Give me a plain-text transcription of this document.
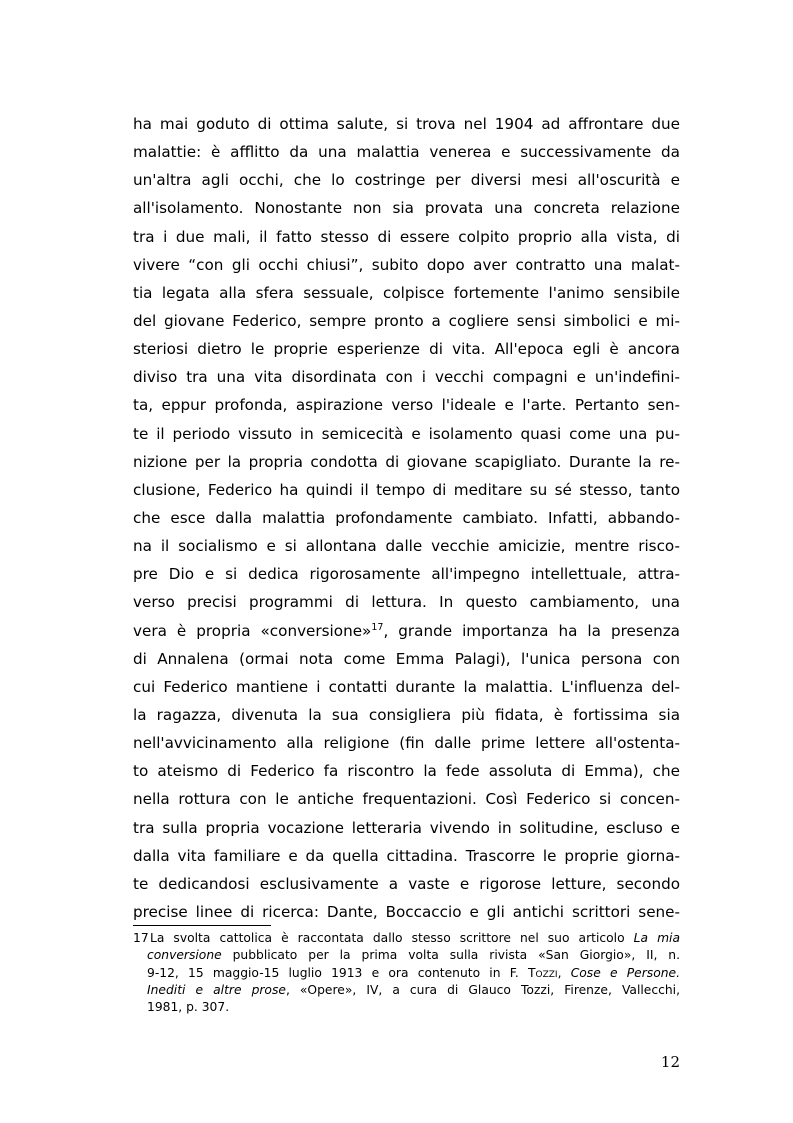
ha mai goduto di ottima salute, si trova nel 1904 ad affrontare due
malattie: è afflitto da una malattia venerea e successivamente da
un'altra agli occhi, che lo costringe per diversi mesi all'oscurità e
all'isolamento. Nonostante non sia provata una concreta relazione
tra i due mali, il fatto stesso di essere colpito proprio alla vista, di
vivere “con gli occhi chiusi”, subito dopo aver contratto una malat-
tia legata alla sfera sessuale, colpisce fortemente l'animo sensibile
del giovane Federico, sempre pronto a cogliere sensi simbolici e mi-
steriosi dietro le proprie esperienze di vita. All'epoca egli è ancora
diviso tra una vita disordinata con i vecchi compagni e un'indefini-
ta, eppur profonda, aspirazione verso l'ideale e l'arte. Pertanto sen-
te il periodo vissuto in semicecità e isolamento quasi come una pu-
nizione per la propria condotta di giovane scapigliato. Durante la re-
clusione, Federico ha quindi il tempo di meditare su sé stesso, tanto
che esce dalla malattia profondamente cambiato. Infatti, abbando-
na il socialismo e si allontana dalle vecchie amicizie, mentre risco-
pre Dio e si dedica rigorosamente all'impegno intellettuale, attra-
verso precisi programmi di lettura. In questo cambiamento, una
vera è propria «conversione»$^{17}$, grande importanza ha la presenza
di Annalena (ormai nota come Emma Palagi), l'unica persona con
cui Federico mantiene i contatti durante la malattia. L'influenza del-
la ragazza, divenuta la sua consigliera più fidata, è fortissima sia
nell'avvicinamento alla religione (fin dalle prime lettere all'ostenta-
to ateismo di Federico fa riscontro la fede assoluta di Emma), che
nella rottura con le antiche frequentazioni. Così Federico si concen-
tra sulla propria vocazione letteraria vivendo in solitudine, escluso e
dalla vita familiare e da quella cittadina. Trascorre le proprie giorna-
te dedicandosi esclusivamente a vaste e rigorose letture, secondo
precise linee di ricerca: Dante, Boccaccio e gli antichi scrittori sene-
17La svolta cattolica è raccontata dallo stesso scrittore nel suo articolo La mia
conversione pubblicato per la prima volta sulla rivista «San Giorgio», II, n.
9-12, 15 maggio-15 luglio 1913 e ora contenuto in F. Tozzi, Cose e Persone.
Inediti e altre prose, «Opere», IV, a cura di Glauco Tozzi, Firenze, Vallecchi,
1981, p. 307.
12
